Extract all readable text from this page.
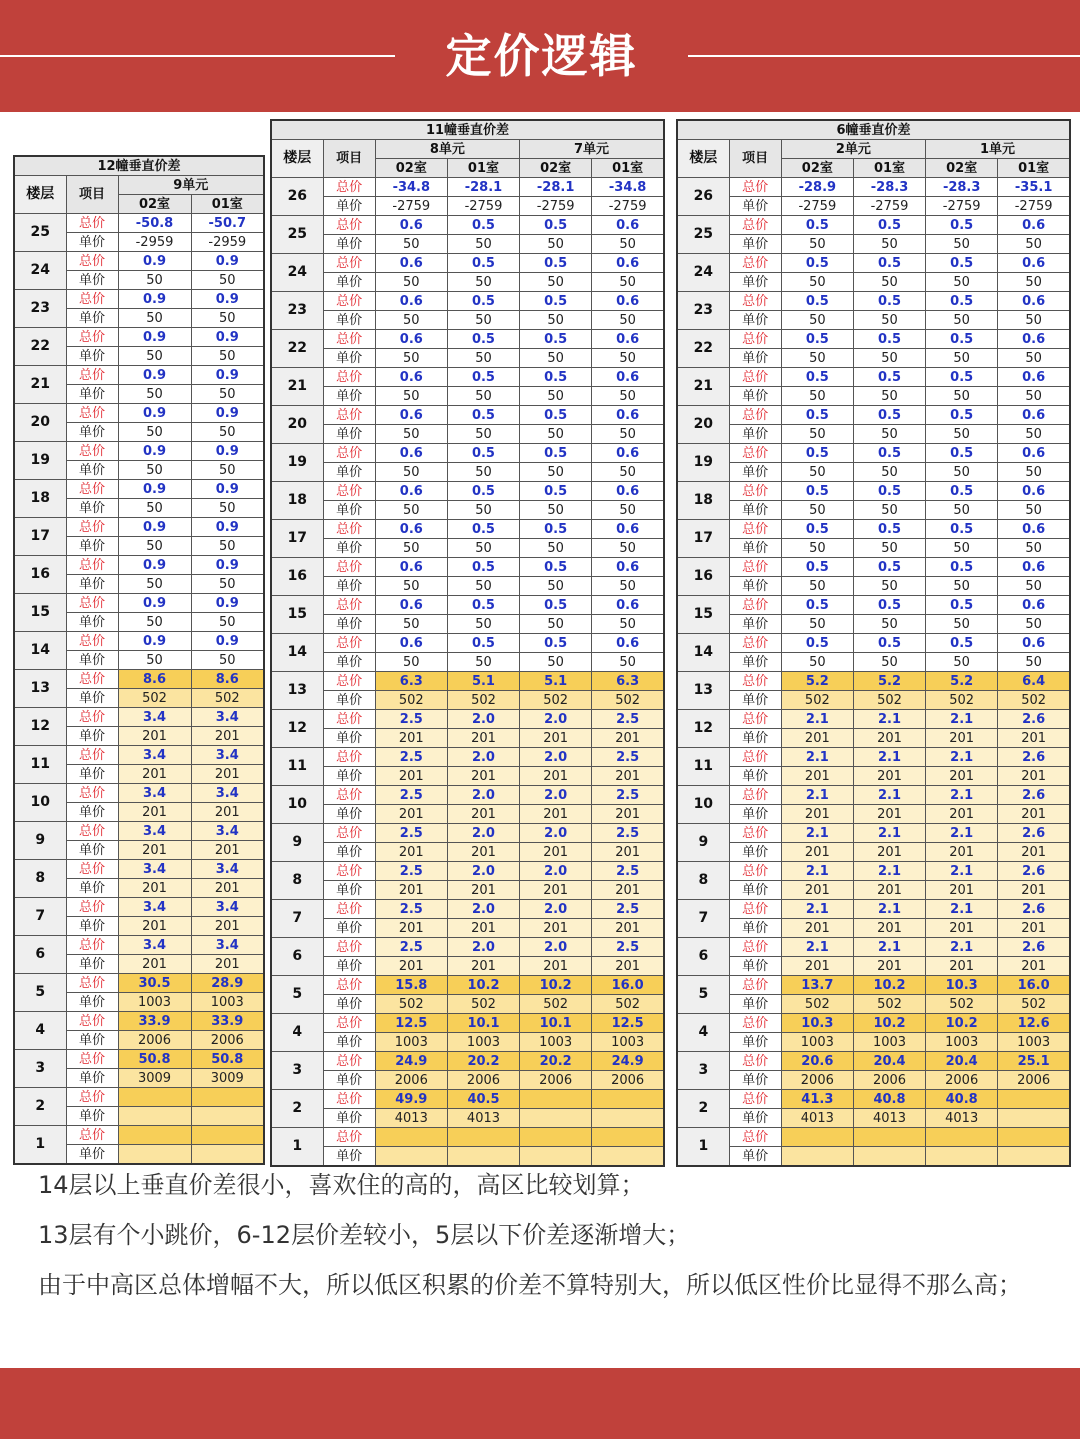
定价逻辑
12幢垂直价差			
楼层	项目	9单元	
		02室	01室
25	总价	-50.8	-50.7
	单价	-2959	-2959
24	总价	0.9	0.9
	单价	50	50
23	总价	0.9	0.9
	单价	50	50
22	总价	0.9	0.9
	单价	50	50
21	总价	0.9	0.9
	单价	50	50
20	总价	0.9	0.9
	单价	50	50
19	总价	0.9	0.9
	单价	50	50
18	总价	0.9	0.9
	单价	50	50
17	总价	0.9	0.9
	单价	50	50
16	总价	0.9	0.9
	单价	50	50
15	总价	0.9	0.9
	单价	50	50
14	总价	0.9	0.9
	单价	50	50
13	总价	8.6	8.6
	单价	502	502
12	总价	3.4	3.4
	单价	201	201
11	总价	3.4	3.4
	单价	201	201
10	总价	3.4	3.4
	单价	201	201
9	总价	3.4	3.4
	单价	201	201
8	总价	3.4	3.4
	单价	201	201
7	总价	3.4	3.4
	单价	201	201
6	总价	3.4	3.4
	单价	201	201
5	总价	30.5	28.9
	单价	1003	1003
4	总价	33.9	33.9
	单价	2006	2006
3	总价	50.8	50.8
	单价	3009	3009
2	总价		
	单价		
1	总价		
	单价		
11幢垂直价差					
楼层	项目	8单元		7单元	
		02室	01室	02室	01室
26	总价	-34.8	-28.1	-28.1	-34.8
	单价	-2759	-2759	-2759	-2759
25	总价	0.6	0.5	0.5	0.6
	单价	50	50	50	50
24	总价	0.6	0.5	0.5	0.6
	单价	50	50	50	50
23	总价	0.6	0.5	0.5	0.6
	单价	50	50	50	50
22	总价	0.6	0.5	0.5	0.6
	单价	50	50	50	50
21	总价	0.6	0.5	0.5	0.6
	单价	50	50	50	50
20	总价	0.6	0.5	0.5	0.6
	单价	50	50	50	50
19	总价	0.6	0.5	0.5	0.6
	单价	50	50	50	50
18	总价	0.6	0.5	0.5	0.6
	单价	50	50	50	50
17	总价	0.6	0.5	0.5	0.6
	单价	50	50	50	50
16	总价	0.6	0.5	0.5	0.6
	单价	50	50	50	50
15	总价	0.6	0.5	0.5	0.6
	单价	50	50	50	50
14	总价	0.6	0.5	0.5	0.6
	单价	50	50	50	50
13	总价	6.3	5.1	5.1	6.3
	单价	502	502	502	502
12	总价	2.5	2.0	2.0	2.5
	单价	201	201	201	201
11	总价	2.5	2.0	2.0	2.5
	单价	201	201	201	201
10	总价	2.5	2.0	2.0	2.5
	单价	201	201	201	201
9	总价	2.5	2.0	2.0	2.5
	单价	201	201	201	201
8	总价	2.5	2.0	2.0	2.5
	单价	201	201	201	201
7	总价	2.5	2.0	2.0	2.5
	单价	201	201	201	201
6	总价	2.5	2.0	2.0	2.5
	单价	201	201	201	201
5	总价	15.8	10.2	10.2	16.0
	单价	502	502	502	502
4	总价	12.5	10.1	10.1	12.5
	单价	1003	1003	1003	1003
3	总价	24.9	20.2	20.2	24.9
	单价	2006	2006	2006	2006
2	总价	49.9	40.5		
	单价	4013	4013		
1	总价				
	单价				
6幢垂直价差					
楼层	项目	2单元		1单元	
		02室	01室	02室	01室
26	总价	-28.9	-28.3	-28.3	-35.1
	单价	-2759	-2759	-2759	-2759
25	总价	0.5	0.5	0.5	0.6
	单价	50	50	50	50
24	总价	0.5	0.5	0.5	0.6
	单价	50	50	50	50
23	总价	0.5	0.5	0.5	0.6
	单价	50	50	50	50
22	总价	0.5	0.5	0.5	0.6
	单价	50	50	50	50
21	总价	0.5	0.5	0.5	0.6
	单价	50	50	50	50
20	总价	0.5	0.5	0.5	0.6
	单价	50	50	50	50
19	总价	0.5	0.5	0.5	0.6
	单价	50	50	50	50
18	总价	0.5	0.5	0.5	0.6
	单价	50	50	50	50
17	总价	0.5	0.5	0.5	0.6
	单价	50	50	50	50
16	总价	0.5	0.5	0.5	0.6
	单价	50	50	50	50
15	总价	0.5	0.5	0.5	0.6
	单价	50	50	50	50
14	总价	0.5	0.5	0.5	0.6
	单价	50	50	50	50
13	总价	5.2	5.2	5.2	6.4
	单价	502	502	502	502
12	总价	2.1	2.1	2.1	2.6
	单价	201	201	201	201
11	总价	2.1	2.1	2.1	2.6
	单价	201	201	201	201
10	总价	2.1	2.1	2.1	2.6
	单价	201	201	201	201
9	总价	2.1	2.1	2.1	2.6
	单价	201	201	201	201
8	总价	2.1	2.1	2.1	2.6
	单价	201	201	201	201
7	总价	2.1	2.1	2.1	2.6
	单价	201	201	201	201
6	总价	2.1	2.1	2.1	2.6
	单价	201	201	201	201
5	总价	13.7	10.2	10.3	16.0
	单价	502	502	502	502
4	总价	10.3	10.2	10.2	12.6
	单价	1003	1003	1003	1003
3	总价	20.6	20.4	20.4	25.1
	单价	2006	2006	2006	2006
2	总价	41.3	40.8	40.8	
	单价	4013	4013	4013	
1	总价				
	单价				

14层以上垂直价差很小，喜欢住的高的，高区比较划算；

13层有个小跳价，6-12层价差较小，5层以下价差逐渐增大；

由于中高区总体增幅不大，所以低区积累的价差不算特别大，所以低区性价比显得不那么高；
